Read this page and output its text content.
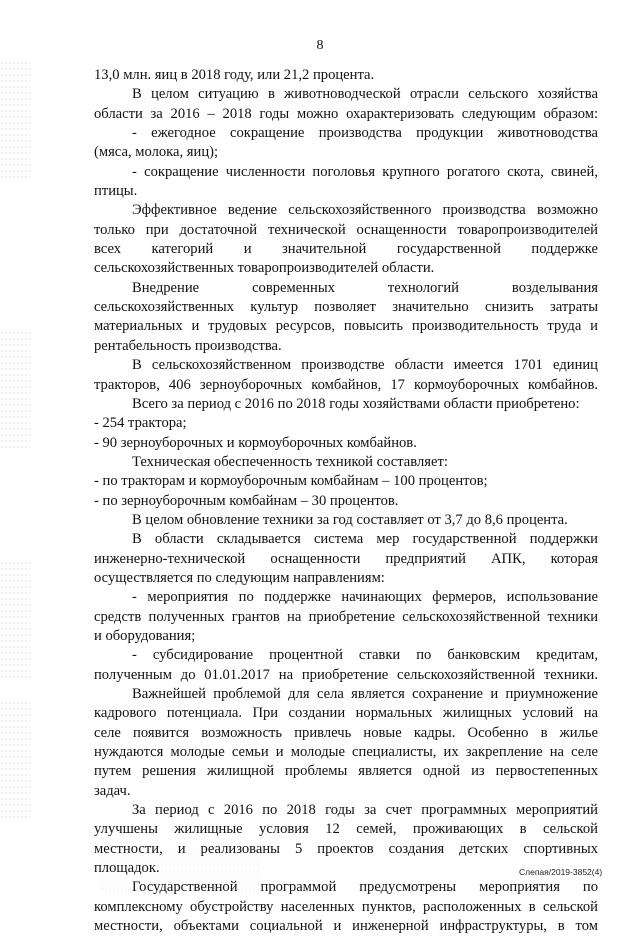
8

13,0 млн. яиц в 2018 году, или 21,2 процента.

В целом ситуацию в животноводческой отрасли сельского хозяйства

области за 2016 – 2018 годы можно охарактеризовать следующим образом:

- ежегодное сокращение производства продукции животноводства

(мяса, молока, яиц);

- сокращение численности поголовья крупного рогатого скота, свиней,

птицы.

Эффективное ведение сельскохозяйственного производства возможно

только при достаточной технической оснащенности товаропроизводителей

всех категорий и значительной государственной поддержке

сельскохозяйственных товаропроизводителей области.

Внедрение современных технологий возделывания

сельскохозяйственных культур позволяет значительно снизить затраты

материальных и трудовых ресурсов, повысить производительность труда и

рентабельность производства.

В сельскохозяйственном производстве области имеется 1701 единиц

тракторов, 406 зерноуборочных комбайнов, 17 кормоуборочных комбайнов.

Всего за период с 2016 по 2018 годы хозяйствами области приобретено:

- 254 трактора;

- 90 зерноуборочных и кормоуборочных комбайнов.

Техническая обеспеченность техникой составляет:

- по тракторам и кормоуборочным комбайнам – 100 процентов;

- по зерноуборочным комбайнам – 30 процентов.

В целом обновление техники за год составляет от 3,7 до 8,6 процента.

В области складывается система мер государственной поддержки

инженерно-технической оснащенности предприятий АПК, которая

осуществляется по следующим направлениям:

- мероприятия по поддержке начинающих фермеров, использование

средств полученных грантов на приобретение сельскохозяйственной техники

и оборудования;

- субсидирование процентной ставки по банковским кредитам,

полученным до 01.01.2017 на приобретение сельскохозяйственной техники.

Важнейшей проблемой для села является сохранение и приумножение

кадрового потенциала. При создании нормальных жилищных условий на

селе появится возможность привлечь новые кадры. Особенно в жилье

нуждаются молодые семьи и молодые специалисты, их закрепление на селе

путем решения жилищной проблемы является одной из первостепенных

задач.

За период с 2016 по 2018 годы за счет программных мероприятий

улучшены жилищные условия 12 семей, проживающих в сельской

местности, и реализованы 5 проектов создания детских спортивных

площадок.

Государственной программой предусмотрены мероприятия по

комплексному обустройству населенных пунктов, расположенных в сельской

местности, объектами социальной и инженерной инфраструктуры, в том

Слепая/2019-3852(4)
